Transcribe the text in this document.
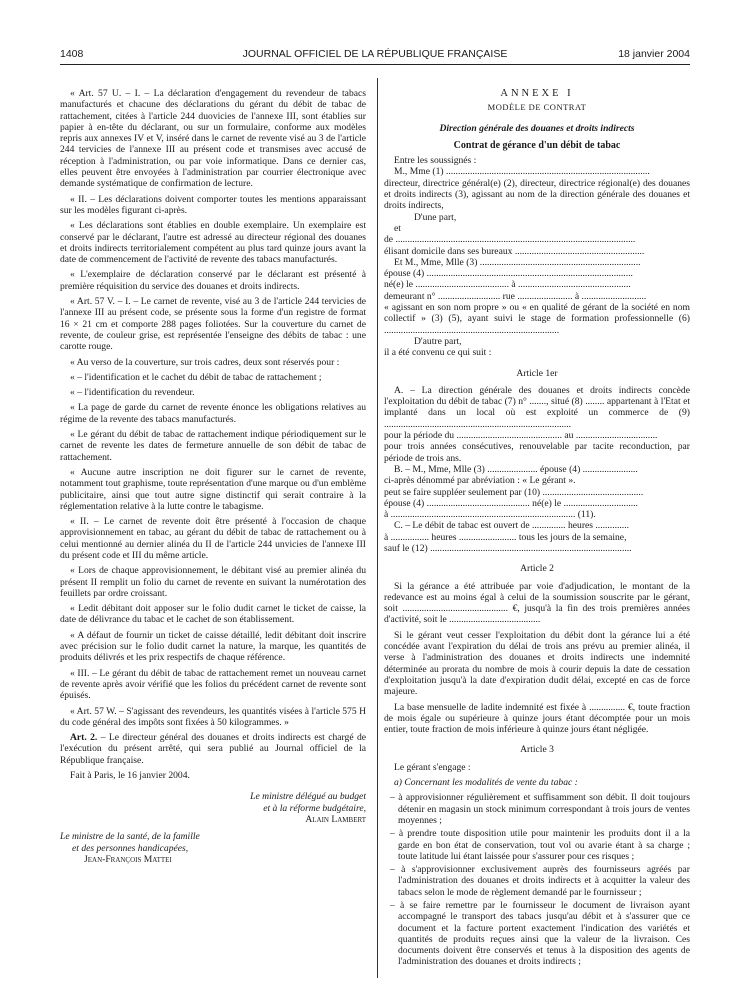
1408	JOURNAL OFFICIEL DE LA RÉPUBLIQUE FRANÇAISE	18 janvier 2004

« Art. 57 U. – I. – La déclaration d'engagement du revendeur de tabacs manufacturés et chacune des déclarations du gérant du débit de tabac de rattachement, citées à l'article 244 duovicies de l'annexe III, sont établies sur papier à en-tête du déclarant, ou sur un formulaire, conforme aux modèles repris aux annexes IV et V, inséré dans le carnet de revente visé au 3 de l'article 244 tervicies de l'annexe III au présent code et transmises avec accusé de réception à l'administration, ou par voie informatique. Dans ce dernier cas, elles peuvent être envoyées à l'administration par courrier électronique avec demande systématique de confirmation de lecture.

« II. – Les déclarations doivent comporter toutes les mentions apparaissant sur les modèles figurant ci-après.

« Les déclarations sont établies en double exemplaire. Un exemplaire est conservé par le déclarant, l'autre est adressé au directeur régional des douanes et droits indirects territorialement compétent au plus tard quinze jours avant la date de commencement de l'activité de revente des tabacs manufacturés.

« L'exemplaire de déclaration conservé par le déclarant est présenté à première réquisition du service des douanes et droits indirects.

« Art. 57 V. – I. – Le carnet de revente, visé au 3 de l'article 244 tervicies de l'annexe III au présent code, se présente sous la forme d'un registre de format 16 × 21 cm et comporte 288 pages foliotées. Sur la couverture du carnet de revente, de couleur grise, est représentée l'enseigne des débits de tabac : une carotte rouge.

« Au verso de la couverture, sur trois cadres, deux sont réservés pour :

« – l'identification et le cachet du débit de tabac de rattachement ;

« – l'identification du revendeur.

« La page de garde du carnet de revente énonce les obligations relatives au régime de la revente des tabacs manufacturés.

« Le gérant du débit de tabac de rattachement indique périodiquement sur le carnet de revente les dates de fermeture annuelle de son débit de tabac de rattachement.

« Aucune autre inscription ne doit figurer sur le carnet de revente, notamment tout graphisme, toute représentation d'une marque ou d'un emblème publicitaire, ainsi que tout autre signe distinctif qui serait contraire à la réglementation relative à la lutte contre le tabagisme.

« II. – Le carnet de revente doit être présenté à l'occasion de chaque approvisionnement en tabac, au gérant du débit de tabac de rattachement ou à celui mentionné au dernier alinéa du II de l'article 244 unvicies de l'annexe III du présent code et III du même article.

« Lors de chaque approvisionnement, le débitant visé au premier alinéa du présent II remplit un folio du carnet de revente en suivant la numérotation des feuillets par ordre croissant.

« Ledit débitant doit apposer sur le folio dudit carnet le ticket de caisse, la date de délivrance du tabac et le cachet de son établissement.

« A défaut de fournir un ticket de caisse détaillé, ledit débitant doit inscrire avec précision sur le folio dudit carnet la nature, la marque, les quantités de produits délivrés et les prix respectifs de chaque référence.

« III. – Le gérant du débit de tabac de rattachement remet un nouveau carnet de revente après avoir vérifié que les folios du précédent carnet de revente sont épuisés.

« Art. 57 W. – S'agissant des revendeurs, les quantités visées à l'article 575 H du code général des impôts sont fixées à 50 kilogrammes. »

Art. 2. – Le directeur général des douanes et droits indirects est chargé de l'exécution du présent arrêté, qui sera publié au Journal officiel de la République française.

Fait à Paris, le 16 janvier 2004.

Le ministre délégué au budget

et à la réforme budgétaire,

Alain Lambert

Le ministre de la santé, de la famille

et des personnes handicapées,

Jean-François Mattei

ANNEXE I

MODÈLE DE CONTRAT

Direction générale des douanes et droits indirects

Contrat de gérance d'un débit de tabac

Entre les soussignés :

M., Mme (1) .....................................................................................

directeur, directrice général(e) (2), directeur, directrice régional(e) des douanes et droits indirects (3), agissant au nom de la direction générale des douanes et droits indirects,

D'une part,

et

de ....................................................................................................

élisant domicile dans ses bureaux ......................................................

Et M., Mme, Mlle (3) ...................................................................

épouse (4) ......................................................................................

né(e) le ....................................... à ...............................................

demeurant n° .......................... rue ....................... à ...........................

« agissant en son nom propre » ou « en qualité de gérant de la société en nom collectif » (3) (5), ayant suivi le stage de formation professionnelle (6) .........................................................................

D'autre part,

il a été convenu ce qui suit :

Article 1er

A. – La direction générale des douanes et droits indirects concède l'exploitation du débit de tabac (7) n° ......., situé (8) ........ appartenant à l'Etat et implanté dans un local où est exploité un commerce de (9) ..............................................................................

pour la période du ............................................ au ..................................

pour trois années consécutives, renouvelable par tacite reconduction, par période de trois ans.

B. – M., Mme, Mlle (3) ..................... épouse (4) .......................

ci-après dénommé par abréviation : « Le gérant ».

peut se faire suppléer seulement par (10) ..........................................

épouse (4) ........................................... né(e) le ...............................

à ............................................................................. (11).

C. – Le débit de tabac est ouvert de .............. heures ..............

à ................ heures ........................ tous les jours de la semaine,

sauf le (12) ....................................................................................

Article 2

Si la gérance a été attribuée par voie d'adjudication, le montant de la redevance est au moins égal à celui de la soumission souscrite par le gérant, soit ............................................ €, jusqu'à la fin des trois premières années d'activité, soit le ......................................

Si le gérant veut cesser l'exploitation du débit dont la gérance lui a été concédée avant l'expiration du délai de trois ans prévu au premier alinéa, il verse à l'administration des douanes et droits indirects une indemnité déterminée au prorata du nombre de mois à courir depuis la date de cessation d'exploitation jusqu'à la date d'expiration dudit délai, excepté en cas de force majeure.

La base mensuelle de ladite indemnité est fixée à ............... €, toute fraction de mois égale ou supérieure à quinze jours étant décomptée pour un mois entier, toute fraction de mois inférieure à quinze jours étant négligée.

Article 3

Le gérant s'engage :

a) Concernant les modalités de vente du tabac :

– à approvisionner régulièrement et suffisamment son débit. Il doit toujours détenir en magasin un stock minimum correspondant à trois jours de ventes moyennes ;

– à prendre toute disposition utile pour maintenir les produits dont il a la garde en bon état de conservation, tout vol ou avarie étant à sa charge ; toute latitude lui étant laissée pour s'assurer pour ces risques ;

– à s'approvisionner exclusivement auprès des fournisseurs agréés par l'administration des douanes et droits indirects et à acquitter la valeur des tabacs selon le mode de règlement demandé par le fournisseur ;

– à se faire remettre par le fournisseur le document de livraison ayant accompagné le transport des tabacs jusqu'au débit et à s'assurer que ce document et la facture portent exactement l'indication des variétés et quantités de produits reçues ainsi que la valeur de la livraison. Ces documents doivent être conservés et tenus à la disposition des agents de l'administration des douanes et droits indirects ;
